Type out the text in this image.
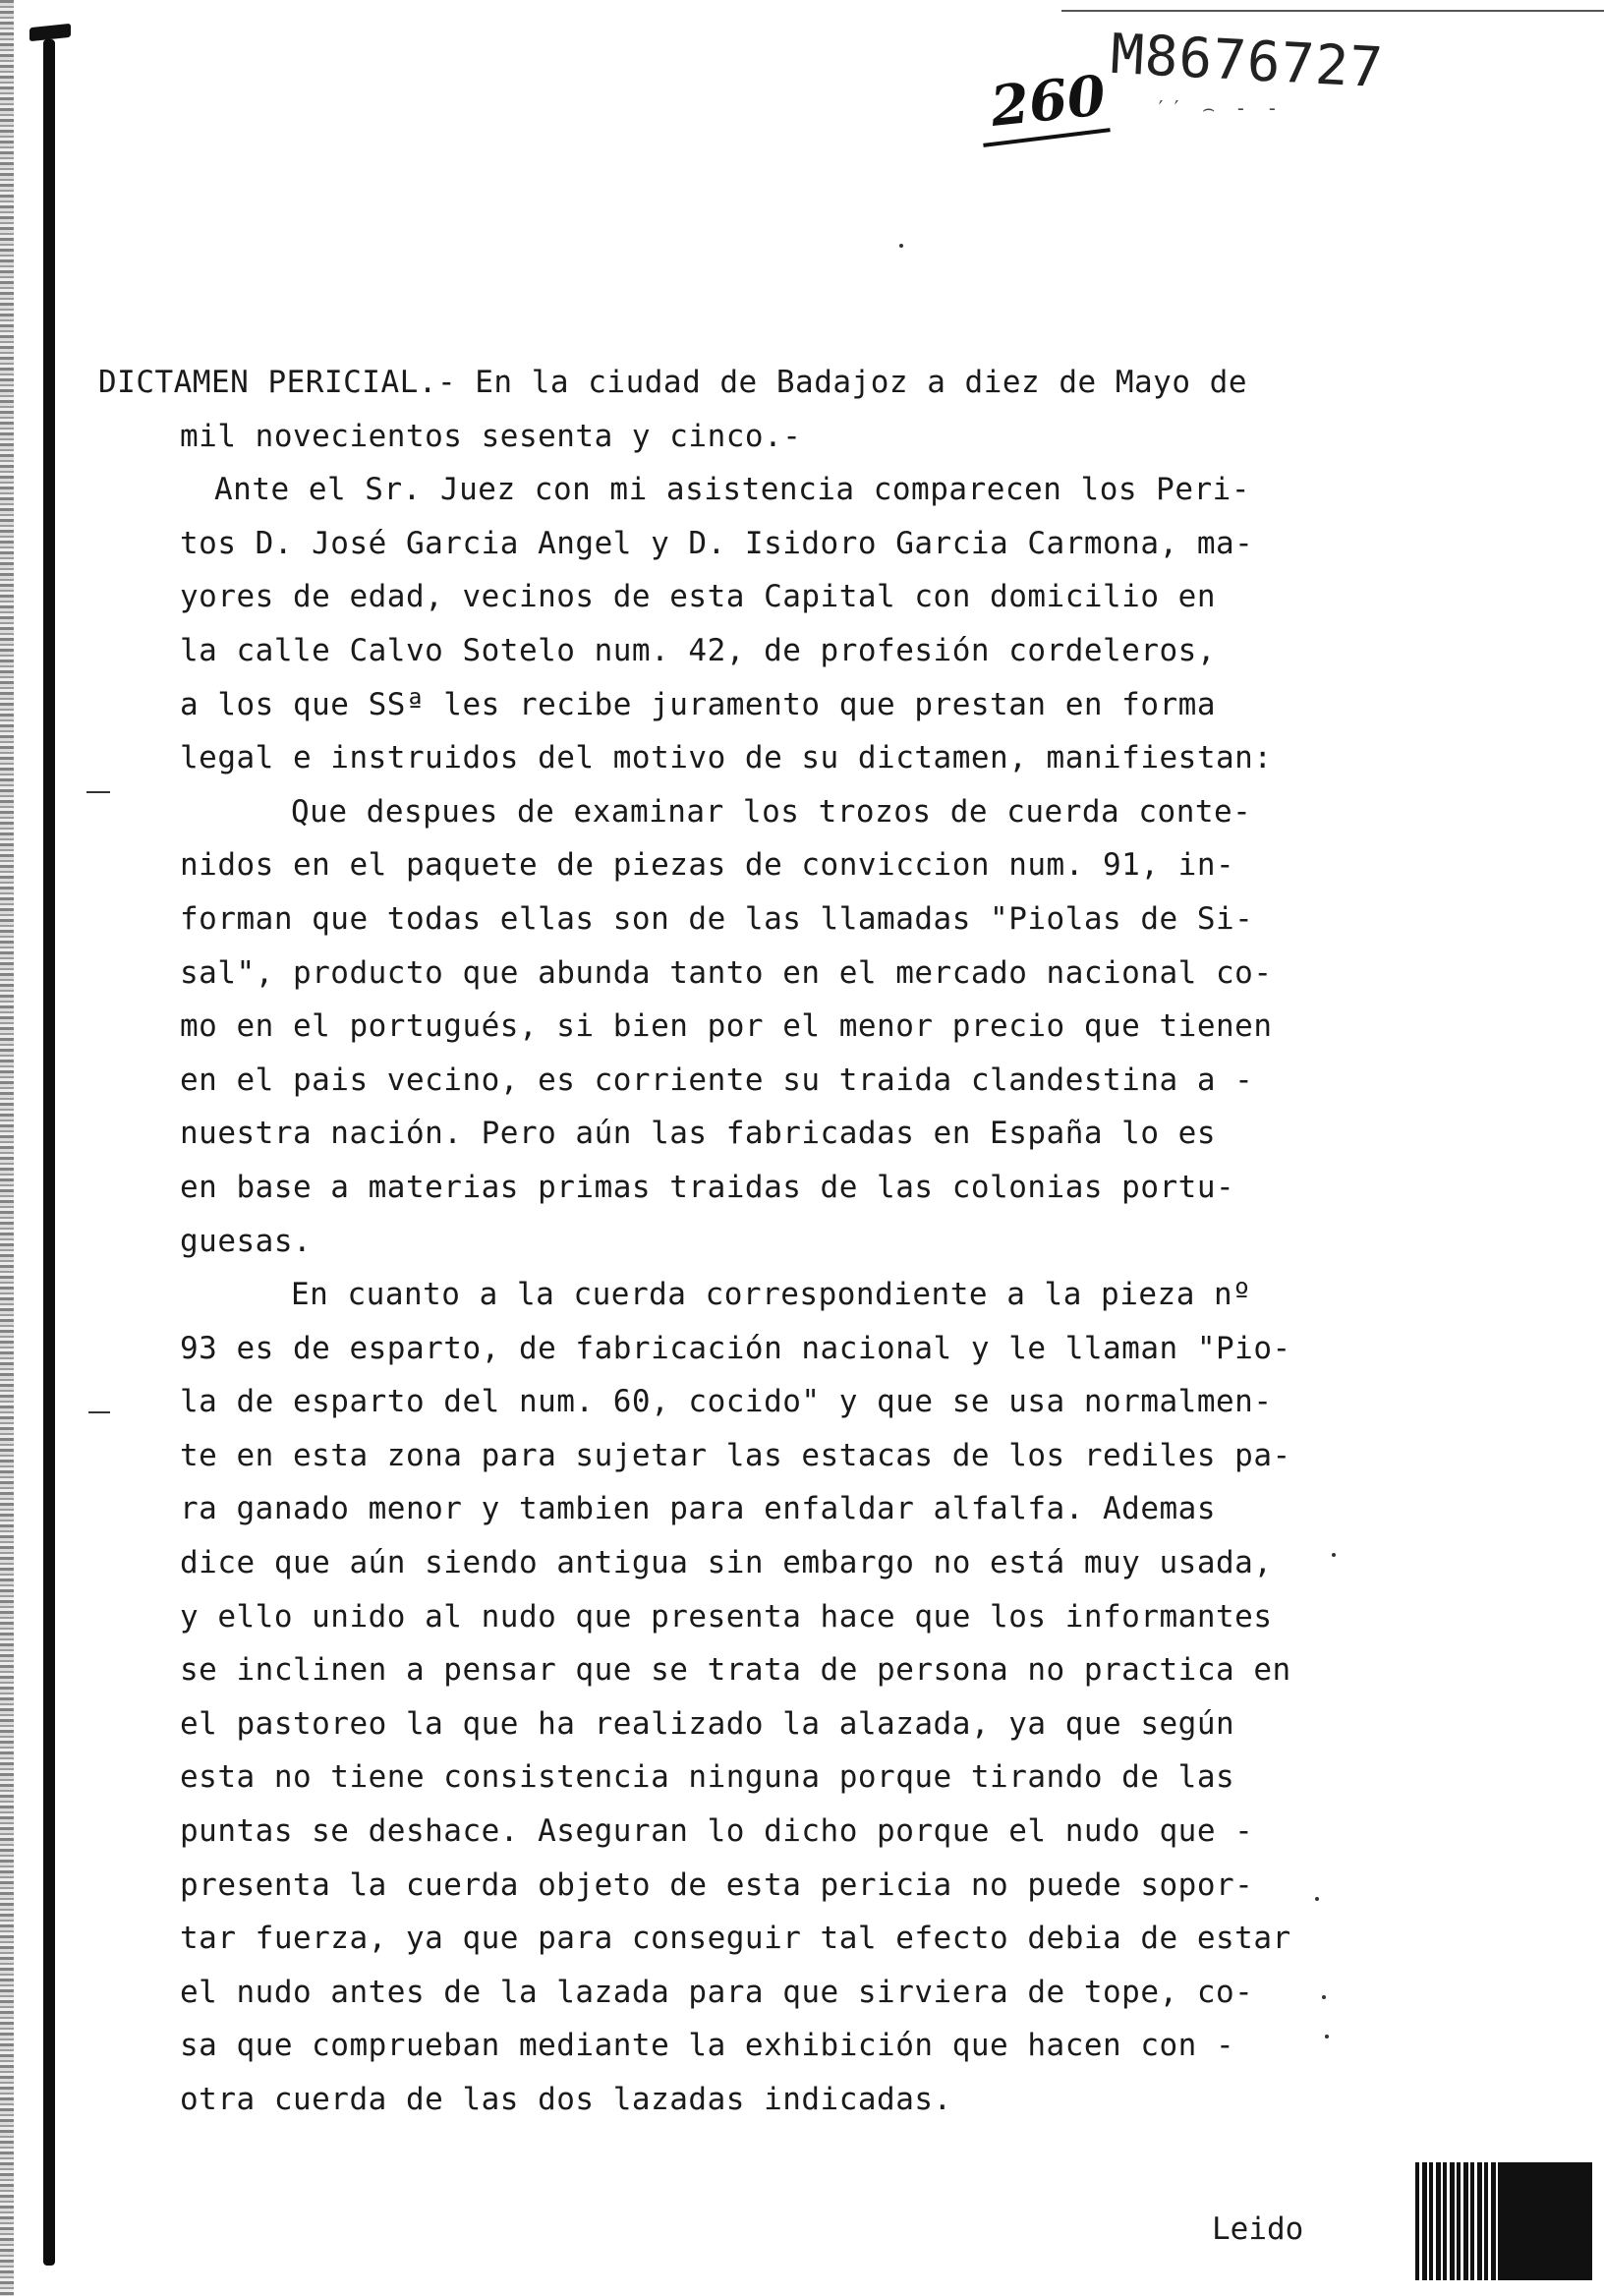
260
M8676727
′′ ⌢ - -
DICTAMEN PERICIAL.- En la ciudad de Badajoz a diez de Mayo de
mil novecientos sesenta y cinco.-
Ante el Sr. Juez con mi asistencia comparecen los Peri-
tos D. José Garcia Angel y D. Isidoro Garcia Carmona, ma-
yores de edad, vecinos de esta Capital con domicilio en
la calle Calvo Sotelo num. 42, de profesión cordeleros,
a los que SSª les recibe juramento que prestan en forma
legal e instruidos del motivo de su dictamen, manifiestan:
Que despues de examinar los trozos de cuerda conte-
nidos en el paquete de piezas de conviccion num. 91, in-
forman que todas ellas son de las llamadas "Piolas de Si-
sal", producto que abunda tanto en el mercado nacional co-
mo en el portugués, si bien por el menor precio que tienen
en el pais vecino, es corriente su traida clandestina a -
nuestra nación. Pero aún las fabricadas en España lo es
en base a materias primas traidas de las colonias portu-
guesas.
En cuanto a la cuerda correspondiente a la pieza nº
93 es de esparto, de fabricación nacional y le llaman "Pio-
la de esparto del num. 60, cocido" y que se usa normalmen-
te en esta zona para sujetar las estacas de los rediles pa-
ra ganado menor y tambien para enfaldar alfalfa. Ademas
dice que aún siendo antigua sin embargo no está muy usada,
y ello unido al nudo que presenta hace que los informantes
se inclinen a pensar que se trata de persona no practica en
el pastoreo la que ha realizado la alazada, ya que según
esta no tiene consistencia ninguna porque tirando de las
puntas se deshace. Aseguran lo dicho porque el nudo que -
presenta la cuerda objeto de esta pericia no puede sopor-
tar fuerza, ya que para conseguir tal efecto debia de estar
el nudo antes de la lazada para que sirviera de tope, co-
sa que comprueban mediante la exhibición que hacen con -
otra cuerda de las dos lazadas indicadas.
Leido
